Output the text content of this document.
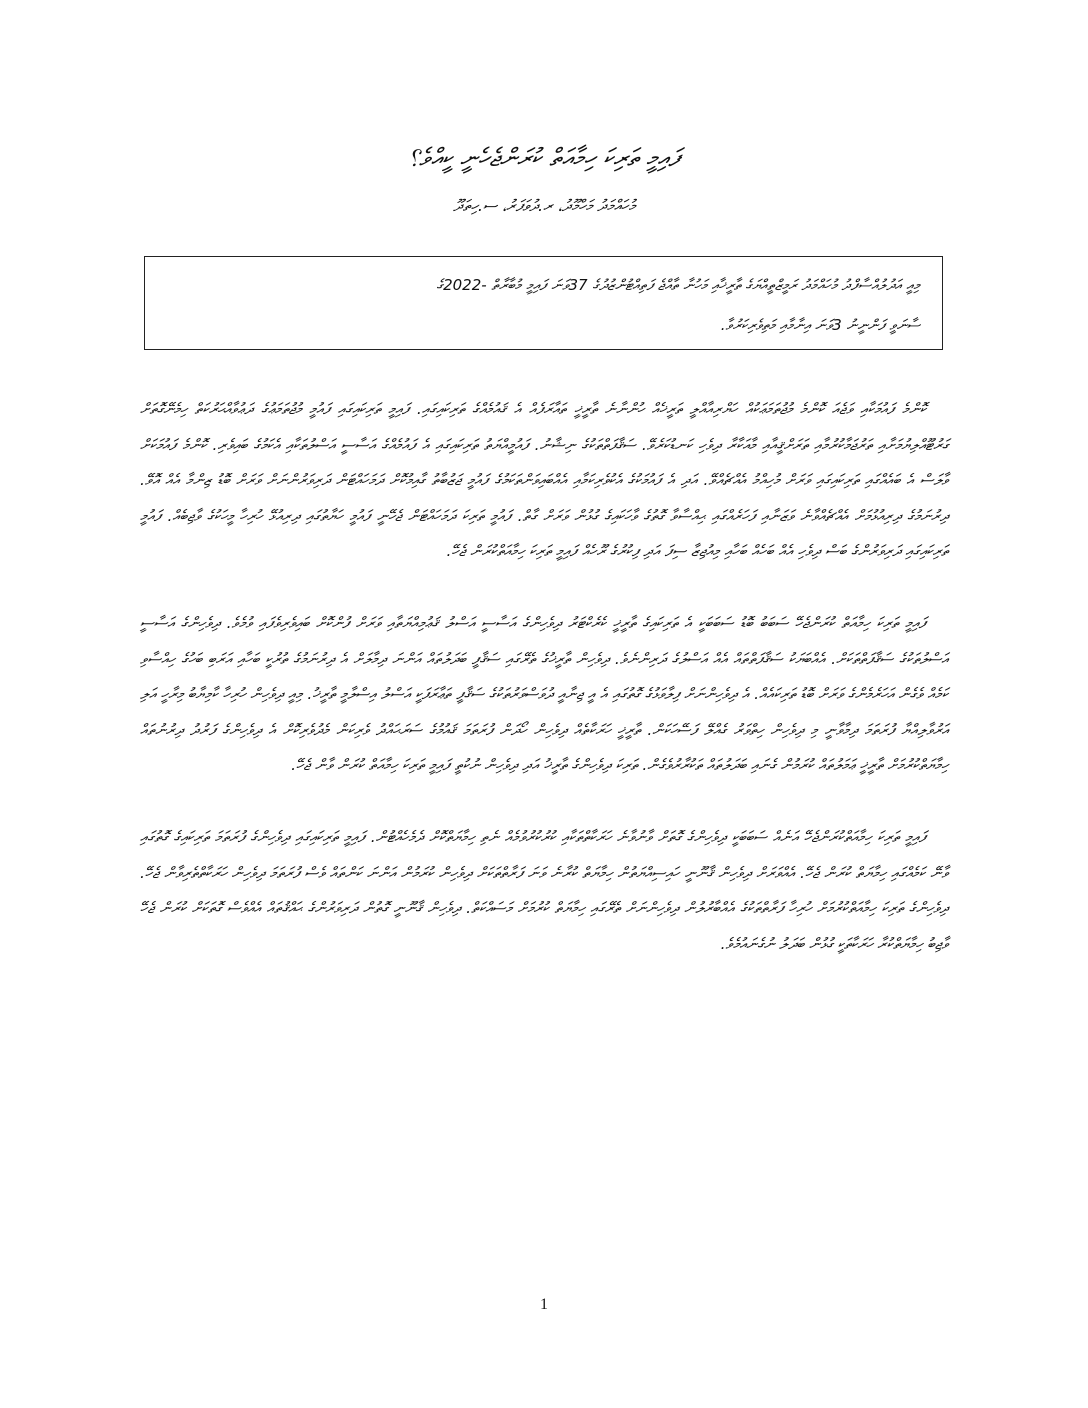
ފައިމީ ތަރިކަ ހިމާއަތް ކުރަންޖެހެނީ ކީއްވެ؟
މުހައްމަދު މަހްމޫދު، ރ.ދުވަފަރު، ސ.ހިތަދޫ

މިއީ އަދުލުއްސާފްދު މުހައްމަދު ރަމީޒްތީއްޔަގެ ތާރީޚާއި މަހުނާ ތާއްޖެ ފަތިއްޓުންޒުދުގެ 37ވަނަ ފައިމީ މުބާރާތް -2022ގެ

ސާނަވީ ފަންނީނު 3ވަނަ އިނާމާއި މަތިވެރިކަރުވާ.

ކޮންމެ ފައުމަކާއި ވަޖެއަ ކޮންމެ މުޖުތަމަޢަކުއް ހަޔްރިއާއްލީ ތަރީޚެއް ހުންނާނެ ތާރީޚީ ތައާރަފެއް އެ ޤައުމެއްގެ ތަރިކައިގައި. ފައިމީ ތަރިކައިގައި ފައުމީ މުޖުތަމަޢުގެ ދަޢުވާއްޙަރުކަތް ހިމެނޭގޮތަށް ގަރުޓޫއްލިޔުމަށާއި ތަރުޖަމާކުރުމާއި ތަރަށްޤީއާއި މާއަކާރާ ދިވެހި ކަނޑުކަރެވޭ. ސަޤާފަތްތަކުގެ ނިޝާނު. ފައުމީއްޔަތު ތަރިކައިގައި އެ ފައުމެއްގެ އަސާސީ އަސްލުތަކާއި އެކަމުގެ ބައިވެރި. ކޮންމެ ފައުމަކަށް ވާލަސް އެ ބައެއްގައި ތަރިކައިގައި ވަރަށް މުހިއްމު އެއްޗެއްވޭ. އަދި އެ ފައުމަކުގެ އެކުވެރިކަމާއި އެއްބައިވަންތަކަމުގެ ފައުމީ ޖަޒުބާތު ގާއިމުކޮށް ދަމަހައްޓަން ދަރިވަރުންނަށް ވަރަށް ބޮޑު ޒިންމާ އެއް އޮވޭ. ދިރުނަމުގެ ދިރިއުޅުމަށް އެއްޗެއްވާނެ ވަޒަނާއި ފަހަރެއްގައި ޙިއްސާވާ ގޮތުގެ ވާހަކައިގެ ގުޅުން ވަރަށް ގާތް. ފައުމީ ތަރިކަ ދަމަހައްޓަން ޖެހޭނީ ފައުމީ ހަޔާތުގައި ދިރިއުޅޭ ހުރިހާ މީހަކުގެ ވާޖިބެއް. ފައުމީ ތަރިކައިގައި ދަރިވަރުންގެ ބަސް ދިވެހި އެއް ބަހެއް ބަހާއި މިއުޖިޒާ ސިފަ އަދި ފިކުރުގެ ރޫހެއް ފައިމީ ތަރިކަ ހިމާއަތްކުރަން ޖެހޭ.

ފައިމީ ތަރިކަ ހިމާއަތް ކުރަންޖެހޭ ސަބަބު ބޮޑު ސަބަބަކީ އެ ތަރިކައިގެ ތާރީޚީ ކެރެކްޓަރު ދިވެހިންގެ އަސާސީ އަސްލު ޤަޢުމިއްޔަތާއި ވަރަށް ފުންކޮށް ބައިވެރިވެފައި ވުމެވެ. ދިވެހިންގެ އަސާސީ އަސްލުތަކުގެ ސަޤާފަތްތަކަށް. އެއްބަޔަކު ސަޤާފަތްތައް އެއް އަސްލުގެ ދަރިންނެވެ. ދިވެހިން ތާރީޚުގެ ތެރޭގައި ސަޤާފީ ބަދަލުތައް އަންނަ ދިމާލަށް އެ ދިރުނަމުގެ ތުރުކީ ބަހާއި އަރަބި ބަހުގެ ހިއްސާވި ކަމެއް ވެގެން އަހަރެމެންގެ ވަރަށް ބޮޑު ތަރިކައެއް. އެ ދިވެހިންނަށް ފިލާވަޅުގެ ގޮތުގައި އެ އީ ޖިނާއީ ދުވަސްވަރުތަކުގެ ސަޤާފީ ތަޢާރަފަކީ އަސްލު އިސްލާމީ ތާރީޚު. މިއީ ދިވެހިން ހުރިހާ ކާމިޔާބު މިރާހީ އަލި އަރުވާލިއްޔާ ފުރަތަމަ ދިމާވާނީ މި ދިވެހިން ހިތްވަރު ގެއްލޭ ފަސޭހަކަން. ތާރީޚީ ހަރަކާތެއް ދިވެހިން ހޯދަން ފުރަތަމަ ޤައުމުގެ ސަރަޙައްދު ވެރިކަން މެދުވެރިކޮށް އެ ދިވެހިންގެ ފަރުދު ދިރުނުތައް ހިމާޔަތްކުރުމަށް ތާރީޚީ ޢަމަލުތައް ކުރަމުން ގެނައި ބަދަލުތައް ތަކުރާރުވެގެން. ތަރިކަ ދިވެހިންގެ ތާރީޚު އަދި ދިވެހިން ނުކުތީ ފައިމީ ތަރިކަ ހިމާއަތް ކުރަން ވާން ޖެހޭ.

ފައިމީ ތަރިކަ ހިމާއަތްކުރަންޖެހޭ އަނެއް ސަބަބަކީ ދިވެހިންގެ ގޮތަށް ވާނުވާނެ ހަރަކާތްތަކާއި ކުރުކުރުވުމެއް ނެތި ހިމާޔަތްކޮށް ދެމެހެއްޓުން. ފައިމީ ތަރިކައިގައި ދިވެހިންގެ ފުރަތަމަ ތަރިކައިގެ ގޮތުގައި ވާނޭ ކަމެއްގައި ހިމާޔަތް ކުރަން ޖެހޭ. އެއްވަރަށް ދިވެހިން ޤާނޫނީ ހައިސިއްޔަތުން ހިމާޔަތް ކުރާނެ ވަނަ ފަރާތްތަކަށް ދިވެހިން ކުރަމުން އަންނަ ކަންތައް ވެސް ފުރަތަމަ ދިވެހިން ހަރަކާތްތެރިވާން ޖެހޭ. ދިވެހިންގެ ތަރިކަ ހިމާއަތްކުރުމަށް ހުރިހާ ފަރާތްތަކުގެ އެއްބާރުލުން ދިވެހިންނަށް ތެރޭގައި ހިމާޔަތް ކުރުމަށް މަސައްކަތް. ދިވެހިން ޤާނޫނީ ގޮތުން ދަރިވަރުންގެ ޙައްޤުތައް އެއްވެސް ގޮތަކަށް ކުރަން ޖެހޭ ވާޖިބު ހިމާޔަތްކުރާ ހަރަކާތަކީ ގުޅުން ބަދަލު ނުގެނައުމެވެ.

1
